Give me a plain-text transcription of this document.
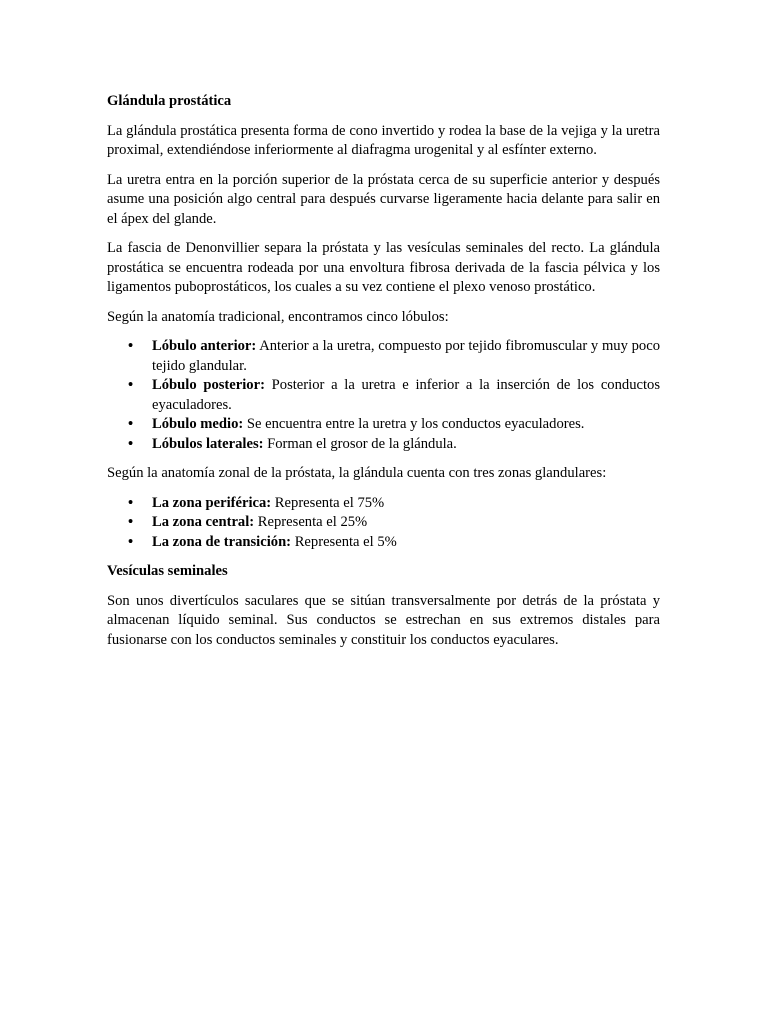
Glándula prostática

La glándula prostática presenta forma de cono invertido y rodea la base de la vejiga y la uretra proximal, extendiéndose inferiormente al diafragma urogenital y al esfínter externo.

La uretra entra en la porción superior de la próstata cerca de su superficie anterior y después asume una posición algo central para después curvarse ligeramente hacia delante para salir en el ápex del glande.

La fascia de Denonvillier separa la próstata y las vesículas seminales del recto. La glándula prostática se encuentra rodeada por una envoltura fibrosa derivada de la fascia pélvica y los ligamentos puboprostáticos, los cuales a su vez contiene el plexo venoso prostático.

Según la anatomía tradicional, encontramos cinco lóbulos:

• Lóbulo anterior: Anterior a la uretra, compuesto por tejido fibromuscular y muy poco tejido glandular.
• Lóbulo posterior: Posterior a la uretra e inferior a la inserción de los conductos eyaculadores.
• Lóbulo medio: Se encuentra entre la uretra y los conductos eyaculadores.
• Lóbulos laterales: Forman el grosor de la glándula.

Según la anatomía zonal de la próstata, la glándula cuenta con tres zonas glandulares:

• La zona periférica: Representa el 75%
• La zona central: Representa el 25%
• La zona de transición: Representa el 5%
Vesículas seminales

Son unos divertículos saculares que se sitúan transversalmente por detrás de la próstata y almacenan líquido seminal. Sus conductos se estrechan en sus extremos distales para fusionarse con los conductos seminales y constituir los conductos eyaculares.
